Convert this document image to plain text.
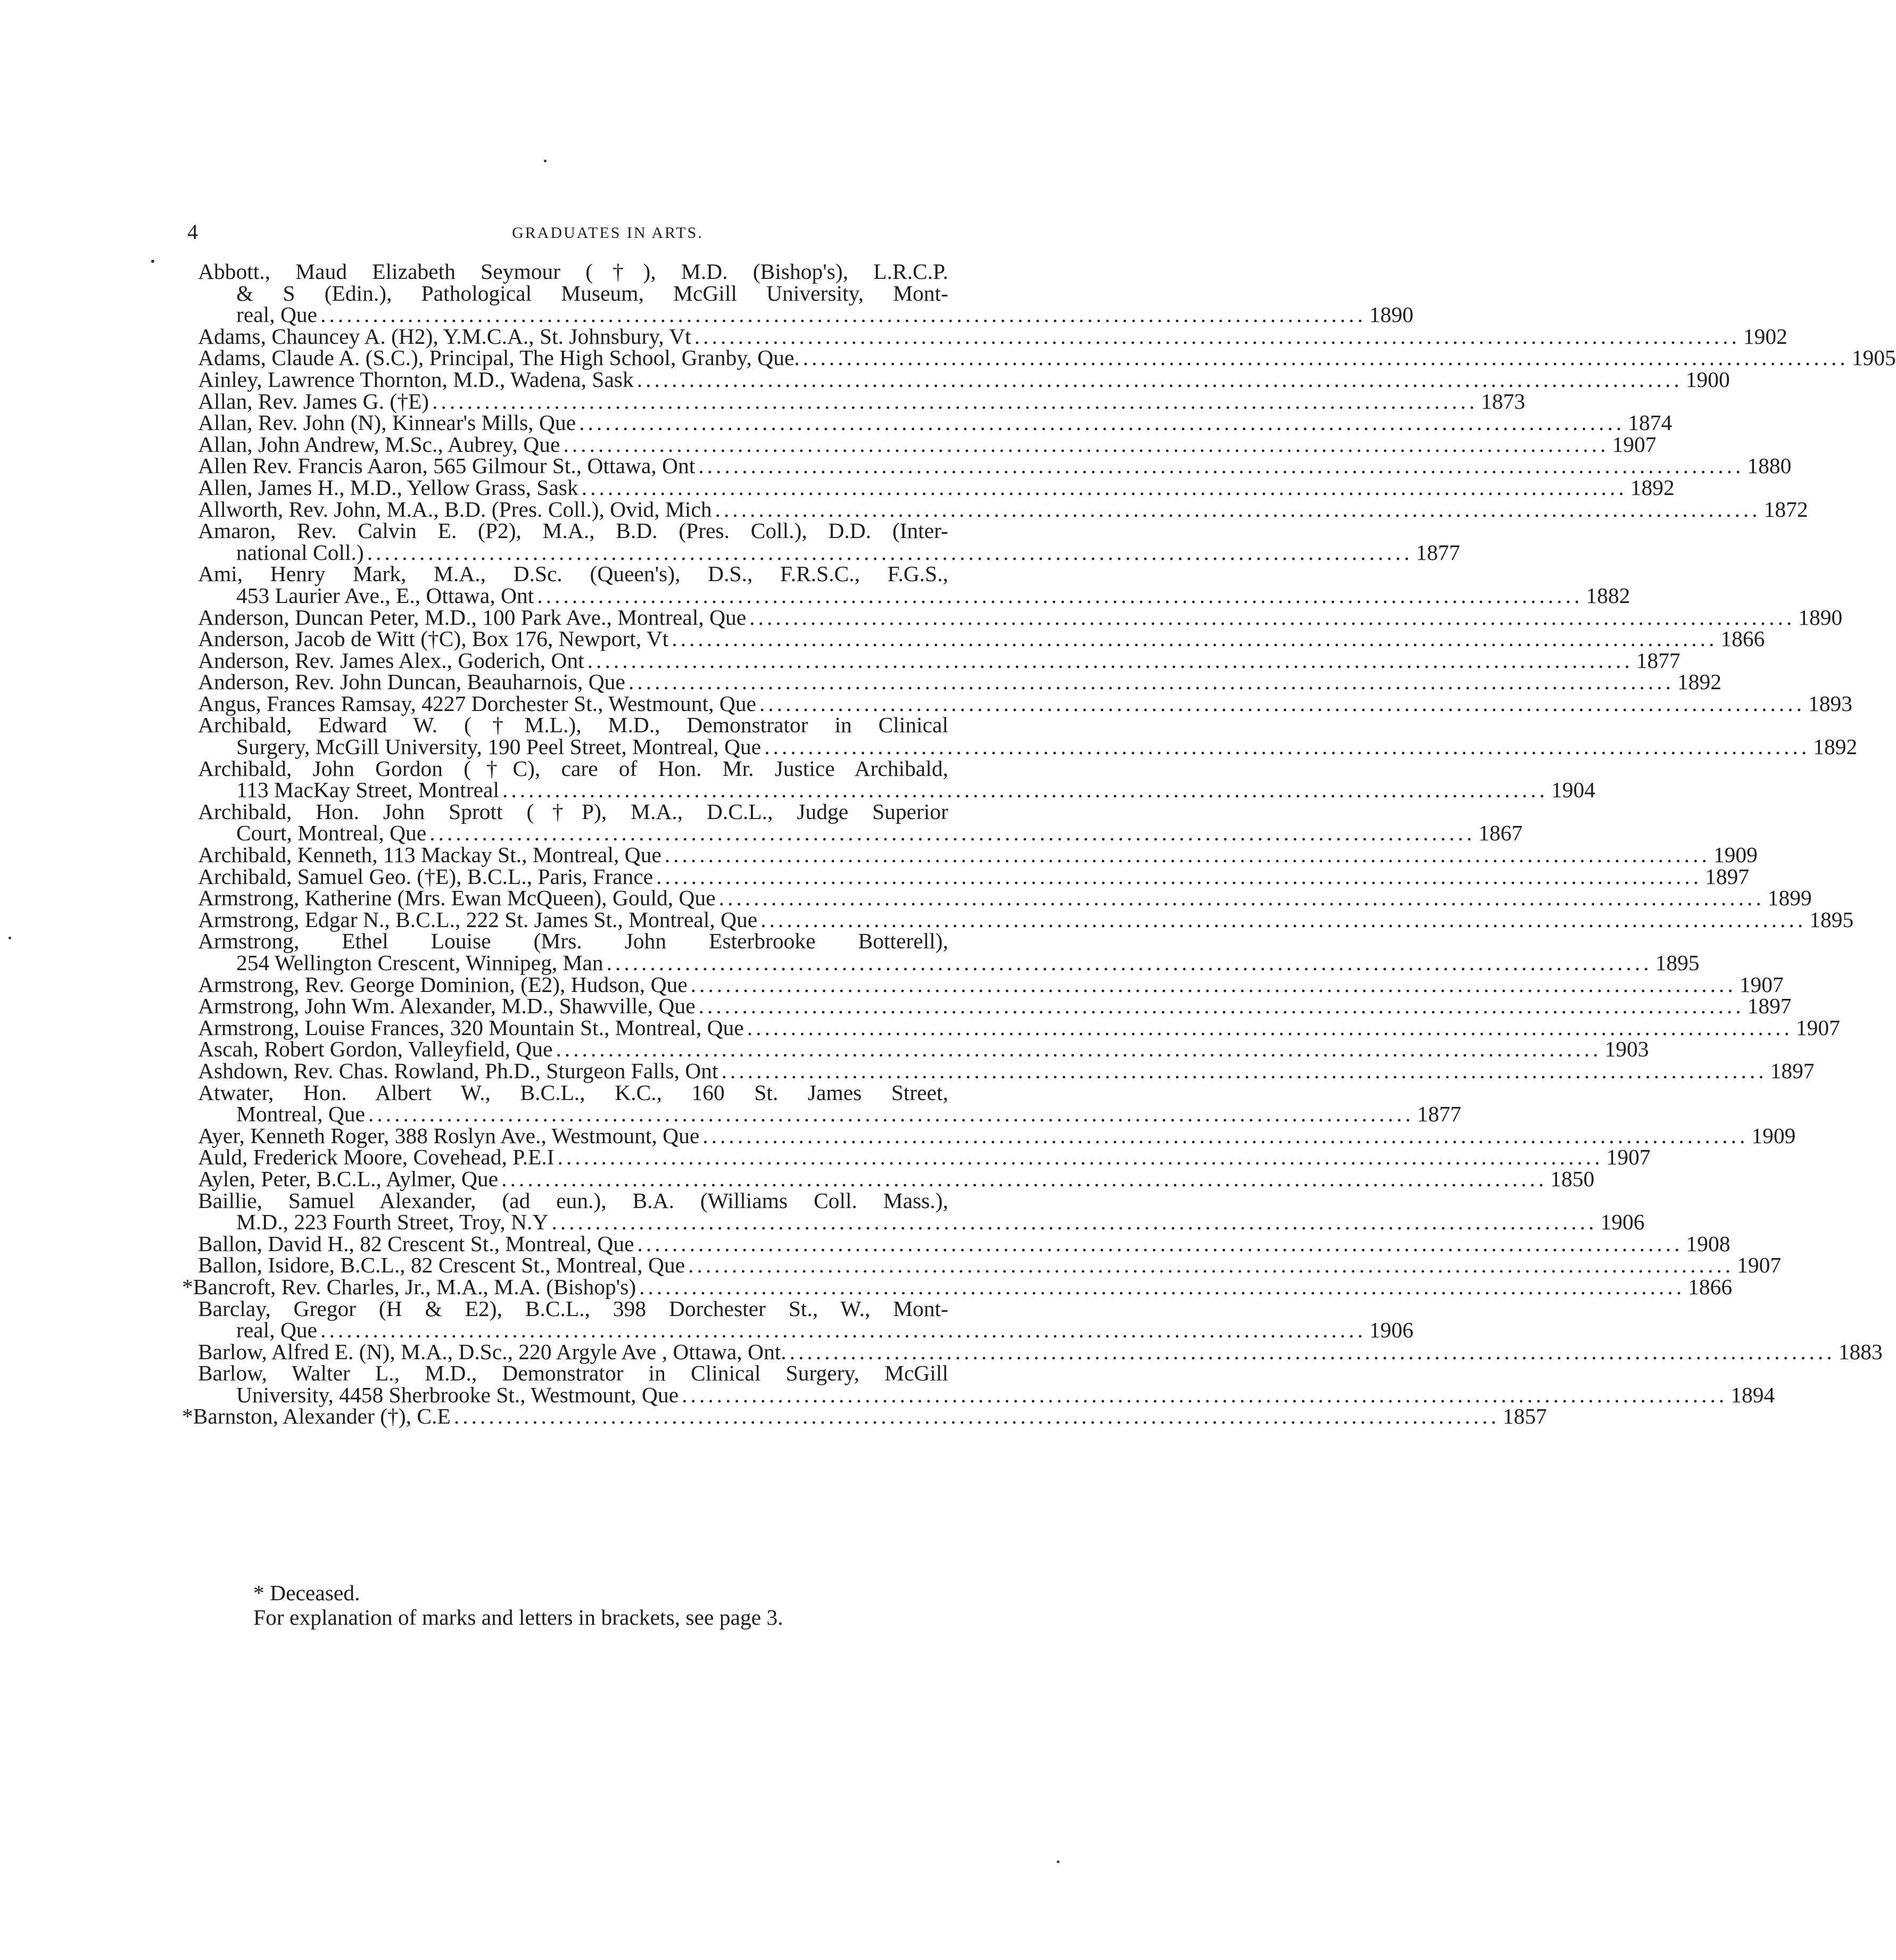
4	GRADUATES IN ARTS.
Abbott., Maud Elizabeth Seymour (†), M.D. (Bishop's), L.R.C.P.
& S (Edin.), Pathological Museum, McGill University, Mont-
real, Que ........................................................................................................................ 1890
Adams, Chauncey A. (H2), Y.M.C.A., St. Johnsbury, Vt ........................................................................................................................ 1902
Adams, Claude A. (S.C.), Principal, The High School, Granby, Que. ........................................................................................................................ 1905
Ainley, Lawrence Thornton, M.D., Wadena, Sask ........................................................................................................................ 1900
Allan, Rev. James G. (†E) ........................................................................................................................ 1873
Allan, Rev. John (N), Kinnear's Mills, Que ........................................................................................................................ 1874
Allan, John Andrew, M.Sc., Aubrey, Que ........................................................................................................................ 1907
Allen Rev. Francis Aaron, 565 Gilmour St., Ottawa, Ont ........................................................................................................................ 1880
Allen, James H., M.D., Yellow Grass, Sask ........................................................................................................................ 1892
Allworth, Rev. John, M.A., B.D. (Pres. Coll.), Ovid, Mich ........................................................................................................................ 1872
Amaron, Rev. Calvin E. (P2), M.A., B.D. (Pres. Coll.), D.D. (Inter-
national Coll.) ........................................................................................................................ 1877
Ami, Henry Mark, M.A., D.Sc. (Queen's), D.S., F.R.S.C., F.G.S.,
453 Laurier Ave., E., Ottawa, Ont ........................................................................................................................ 1882
Anderson, Duncan Peter, M.D., 100 Park Ave., Montreal, Que ........................................................................................................................ 1890
Anderson, Jacob de Witt (†C), Box 176, Newport, Vt ........................................................................................................................ 1866
Anderson, Rev. James Alex., Goderich, Ont ........................................................................................................................ 1877
Anderson, Rev. John Duncan, Beauharnois, Que ........................................................................................................................ 1892
Angus, Frances Ramsay, 4227 Dorchester St., Westmount, Que ........................................................................................................................ 1893
Archibald, Edward W. (†M.L.), M.D., Demonstrator in Clinical
Surgery, McGill University, 190 Peel Street, Montreal, Que ........................................................................................................................ 1892
Archibald, John Gordon (†C), care of Hon. Mr. Justice Archibald,
113 MacKay Street, Montreal ........................................................................................................................ 1904
Archibald, Hon. John Sprott (†P), M.A., D.C.L., Judge Superior
Court, Montreal, Que ........................................................................................................................ 1867
Archibald, Kenneth, 113 Mackay St., Montreal, Que ........................................................................................................................ 1909
Archibald, Samuel Geo. (†E), B.C.L., Paris, France ........................................................................................................................ 1897
Armstrong, Katherine (Mrs. Ewan McQueen), Gould, Que ........................................................................................................................ 1899
Armstrong, Edgar N., B.C.L., 222 St. James St., Montreal, Que ........................................................................................................................ 1895
Armstrong, Ethel Louise (Mrs. John Esterbrooke Botterell),
254 Wellington Crescent, Winnipeg, Man ........................................................................................................................ 1895
Armstrong, Rev. George Dominion, (E2), Hudson, Que ........................................................................................................................ 1907
Armstrong, John Wm. Alexander, M.D., Shawville, Que ........................................................................................................................ 1897
Armstrong, Louise Frances, 320 Mountain St., Montreal, Que ........................................................................................................................ 1907
Ascah, Robert Gordon, Valleyfield, Que ........................................................................................................................ 1903
Ashdown, Rev. Chas. Rowland, Ph.D., Sturgeon Falls, Ont ........................................................................................................................ 1897
Atwater, Hon. Albert W., B.C.L., K.C., 160 St. James Street,
Montreal, Que ........................................................................................................................ 1877
Ayer, Kenneth Roger, 388 Roslyn Ave., Westmount, Que ........................................................................................................................ 1909
Auld, Frederick Moore, Covehead, P.E.I ........................................................................................................................ 1907
Aylen, Peter, B.C.L., Aylmer, Que ........................................................................................................................ 1850
Baillie, Samuel Alexander, (ad eun.), B.A. (Williams Coll. Mass.),
M.D., 223 Fourth Street, Troy, N.Y ........................................................................................................................ 1906
Ballon, David H., 82 Crescent St., Montreal, Que ........................................................................................................................ 1908
Ballon, Isidore, B.C.L., 82 Crescent St., Montreal, Que ........................................................................................................................ 1907
*Bancroft, Rev. Charles, Jr., M.A., M.A. (Bishop's) ........................................................................................................................ 1866
Barclay, Gregor (H & E2), B.C.L., 398 Dorchester St., W., Mont-
real, Que ........................................................................................................................ 1906
Barlow, Alfred E. (N), M.A., D.Sc., 220 Argyle Ave , Ottawa, Ont. ........................................................................................................................ 1883
Barlow, Walter L., M.D., Demonstrator in Clinical Surgery, McGill
University, 4458 Sherbrooke St., Westmount, Que ........................................................................................................................ 1894
*Barnston, Alexander (†), C.E ........................................................................................................................ 1857
* Deceased.
For explanation of marks and letters in brackets, see page 3.
